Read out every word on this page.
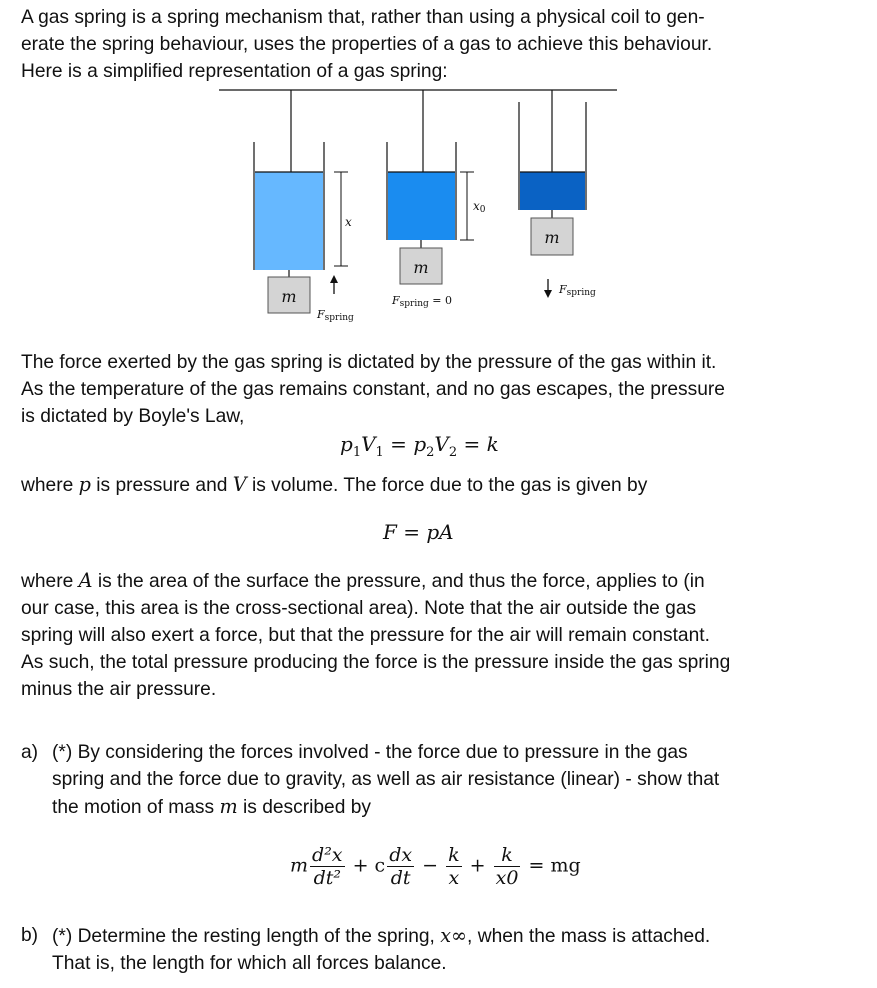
A gas spring is a spring mechanism that, rather than using a physical coil to gen-
erate the spring behaviour, uses the properties of a gas to achieve this behaviour.
Here is a simplified representation of a gas spring:
m
x
Fspring
m
x0
Fspring = 0
m
Fspring
The force exerted by the gas spring is dictated by the pressure of the gas within it.
As the temperature of the gas remains constant, and no gas escapes, the pressure
is dictated by Boyle's Law,
$p_1V_1 = p_2V_2 = k$
where p is pressure and V is volume. The force due to the gas is given by
F = pA
where A is the area of the surface the pressure, and thus the force, applies to (in
our case, this area is the cross-sectional area). Note that the air outside the gas
spring will also exert a force, but that the pressure for the air will remain constant.
As such, the total pressure producing the force is the pressure inside the gas spring
minus the air pressure.
a) (*) By considering the forces involved - the force due to pressure in the gas
spring and the force due to gravity, as well as air resistance (linear) - show that
the motion of mass m is described by
m $\frac{\text{d²x}}{\text{dt²}} + c \frac{dx}{dt} - \frac{k}{x} + \frac{k}{x0}$ = mg
b) (*) Determine the resting length of the spring, x∞, when the mass is attached.
That is, the length for which all forces balance.
